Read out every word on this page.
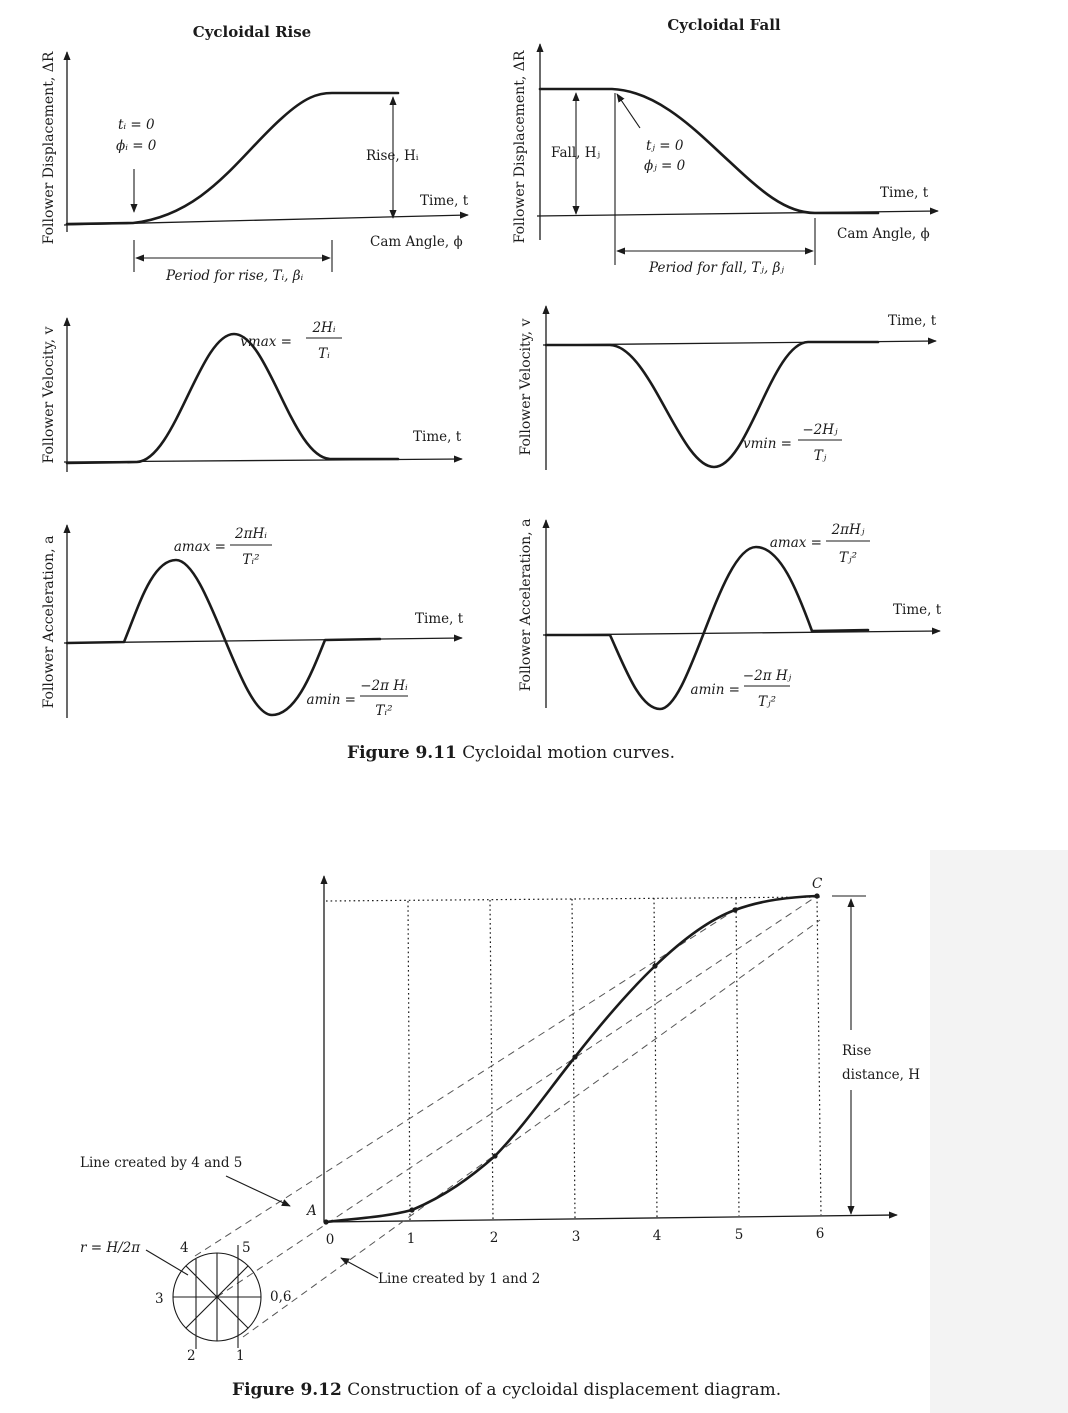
Cycloidal Rise
tᵢ = 0
ϕᵢ = 0
Rise, Hᵢ
Time, t
Cam Angle, ϕ
Period for rise, Tᵢ, βᵢ
Follower Displacement, ΔR
Time, t
vmax =
2Hᵢ
Tᵢ
Follower Velocity, v
Time, t
amax =
2πHᵢ
Tᵢ²
amin =
−2π Hᵢ
Tᵢ²
Follower Acceleration, a
Cycloidal Fall
Fall, Hⱼ	tⱼ = 0
ϕⱼ = 0
Time, t
Cam Angle, ϕ
Period for fall, Tⱼ, βⱼ
Follower Displacement, ΔR
Time, t
vmin =
−2Hⱼ
Tⱼ
Follower Velocity, v
Time, t
amax =
2πHⱼ
Tⱼ²
amin =
−2π Hⱼ
Tⱼ²
Follower Acceleration, a
Figure 9.11 Cycloidal motion curves.
0	1	2	3	4	5	6
A
C
Rise
distance, H
0,6
1
2
3
4	5
r = H/2π
Line created by 4 and 5
Line created by 1 and 2
Figure 9.12 Construction of a cycloidal displacement diagram.
